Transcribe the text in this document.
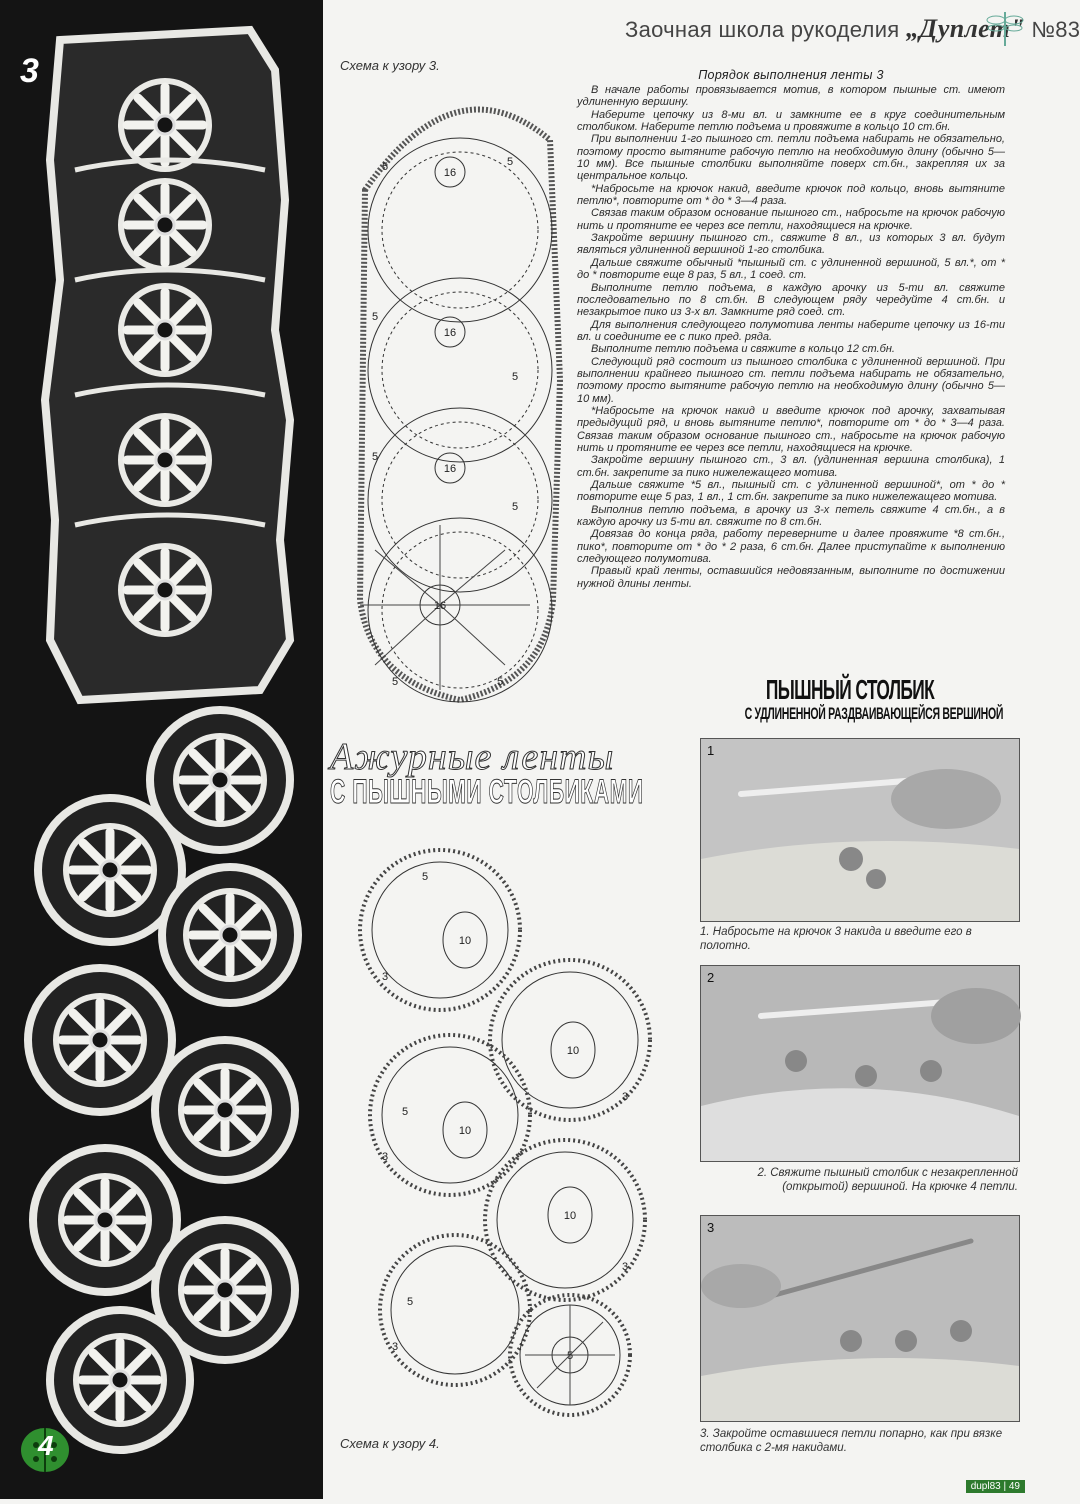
3
4
Заочная школа рукоделия „Дуплет" №83
Схема к узору 3.
16
16
16
16
5	5
5
5
5
5
5	5
Порядок выполнения ленты 3

В начале работы провязывается мотив, в котором пышные ст. имеют удлиненную вершину.

Наберите цепочку из 8-ми вл. и замкните ее в круг соединительным столбиком. Наберите петлю подъема и провяжите в кольцо 10 ст.бн.

При выполнении 1-го пышного ст. петли подъема набирать не обязательно, поэтому просто вытяните рабочую петлю на необходимую длину (обычно 5—10 мм). Все пышные столбики выполняйте поверх ст.бн., закрепляя их за центральное кольцо.

*Набросьте на крючок накид, введите крючок под кольцо, вновь вытяните петлю*, повторите от * до * 3—4 раза.

Связав таким образом основание пышного ст., набросьте на крючок рабочую нить и протяните ее через все петли, находящиеся на крючке.

Закройте вершину пышного ст., свяжите 8 вл., из которых 3 вл. будут являться удлиненной вершиной 1-го столбика.

Дальше свяжите обычный *пышный ст. с удлиненной вершиной, 5 вл.*, от * до * повторите еще 8 раз, 5 вл., 1 соед. ст.

Выполните петлю подъема, в каждую арочку из 5-ти вл. свяжите последовательно по 8 ст.бн. В следующем ряду чередуйте 4 ст.бн. и незакрытое пико из 3-х вл. Замкните ряд соед. ст.

Для выполнения следующего полумотива ленты наберите цепочку из 16-ти вл. и соедините ее с пико пред. ряда.

Выполните петлю подъема и свяжите в кольцо 12 ст.бн.

Следующий ряд состоит из пышного столбика с удлиненной вершиной. При выполнении крайнего пышного ст. петли подъема набирать не обязательно, поэтому просто вытяните рабочую петлю на необходимую длину (обычно 5—10 мм).

*Набросьте на крючок накид и введите крючок под арочку, захватывая предыдущий ряд, и вновь вытяните петлю*, повторите от * до * 3—4 раза. Связав таким образом основание пышного ст., набросьте на крючок рабочую нить и протяните ее через все петли, находящиеся на крючке.

Закройте вершину пышного ст., 3 вл. (удлиненная вершина столбика), 1 ст.бн. закрепите за пико нижележащего мотива.

Дальше свяжите *5 вл., пышный ст. с удлиненной вершиной*, от * до * повторите еще 5 раз, 1 вл., 1 ст.бн. закрепите за пико нижележащего мотива.

Выполнив петлю подъема, в арочку из 3-х петель свяжите 4 ст.бн., а в каждую арочку из 5-ти вл. свяжите по 8 ст.бн.

Довязав до конца ряда, работу переверните и далее провяжите *8 ст.бн., пико*, повторите от * до * 2 раза, 6 ст.бн. Далее приступайте к выполнению следующего полумотива.

Правый край ленты, оставшийся недовязанным, выполните по достижении нужной длины ленты.

Ажурные ленты
С ПЫШНЫМИ СТОЛБИКАМИ
ПЫШНЫЙ СТОЛБИК
С УДЛИНЕННОЙ РАЗДВАИВАЮЩЕЙСЯ ВЕРШИНОЙ
10
10
10
10
5
5
5
5
3
3
3
3
3
Схема к узору 4.
1
1. Набросьте на крючок 3 накида и введите его в полотно.
2
2. Свяжите пышный столбик с незакрепленной (открытой) вершиной. На крючке 4 петли.
3
3. Закройте оставшиеся петли попарно, как при вязке столбика с 2-мя накидами.
dupl83 | 49
